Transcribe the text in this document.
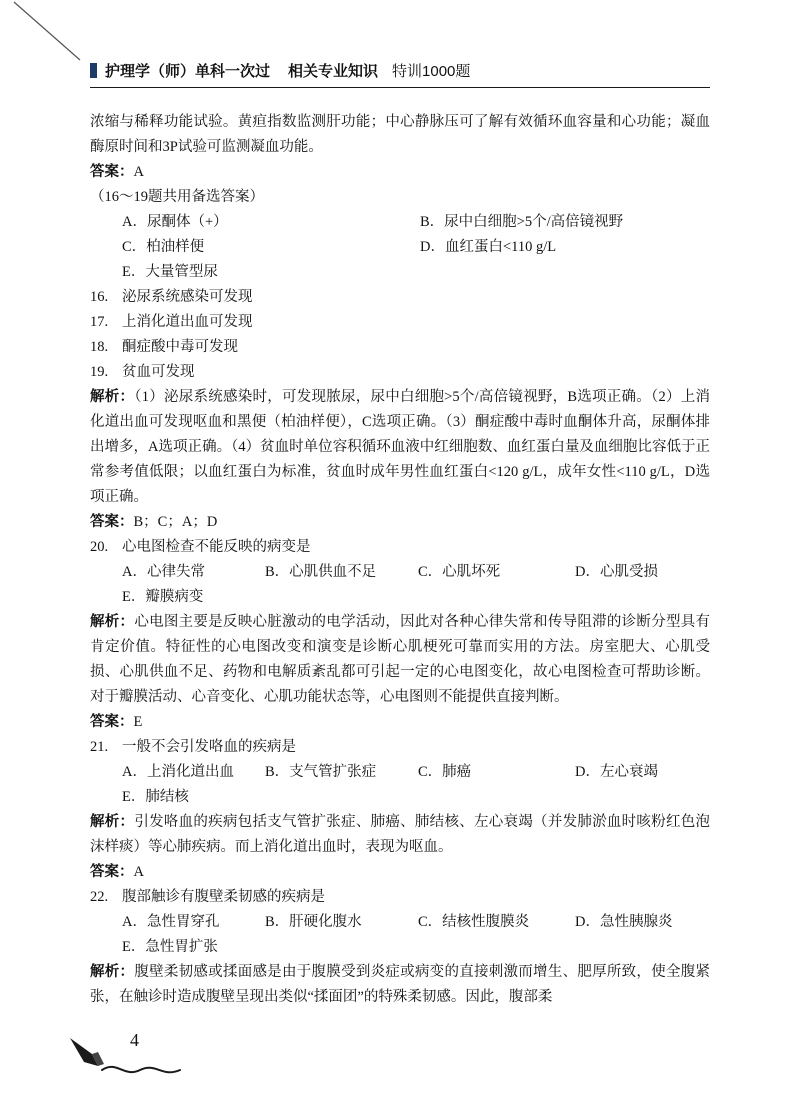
护理学（师）单科一次过 相关专业知识 特训1000题

浓缩与稀释功能试验。黄疸指数监测肝功能；中心静脉压可了解有效循环血容量和心功能；凝血酶原时间和3P试验可监测凝血功能。

答案：A

（16～19题共用备选答案）

A．尿酮体（+）	B．尿中白细胞>5个/高倍镜视野
C．柏油样便	D．血红蛋白<110 g/L
E．大量管型尿

16. 泌尿系统感染可发现

17. 上消化道出血可发现

18. 酮症酸中毒可发现

19. 贫血可发现

解析：（1）泌尿系统感染时，可发现脓尿，尿中白细胞>5个/高倍镜视野，B选项正确。（2）上消化道出血可发现呕血和黑便（柏油样便），C选项正确。（3）酮症酸中毒时血酮体升高，尿酮体排出增多，A选项正确。（4）贫血时单位容积循环血液中红细胞数、血红蛋白量及血细胞比容低于正常参考值低限；以血红蛋白为标准，贫血时成年男性血红蛋白<120 g/L，成年女性<110 g/L，D选项正确。

答案：B；C；A；D

20. 心电图检查不能反映的病变是

A．心律失常	B．心肌供血不足	C．心肌坏死	D．心肌受损
E．瓣膜病变

解析：心电图主要是反映心脏激动的电学活动，因此对各种心律失常和传导阻滞的诊断分型具有肯定价值。特征性的心电图改变和演变是诊断心肌梗死可靠而实用的方法。房室肥大、心肌受损、心肌供血不足、药物和电解质紊乱都可引起一定的心电图变化，故心电图检查可帮助诊断。对于瓣膜活动、心音变化、心肌功能状态等，心电图则不能提供直接判断。

答案：E

21. 一般不会引发咯血的疾病是

A．上消化道出血	B．支气管扩张症	C．肺癌	D．左心衰竭
E．肺结核

解析：引发咯血的疾病包括支气管扩张症、肺癌、肺结核、左心衰竭（并发肺淤血时咳粉红色泡沫样痰）等心肺疾病。而上消化道出血时，表现为呕血。

答案：A

22. 腹部触诊有腹壁柔韧感的疾病是

A．急性胃穿孔	B．肝硬化腹水	C．结核性腹膜炎	D．急性胰腺炎
E．急性胃扩张

解析：腹壁柔韧感或揉面感是由于腹膜受到炎症或病变的直接刺激而增生、肥厚所致，使全腹紧张，在触诊时造成腹壁呈现出类似“揉面团”的特殊柔韧感。因此，腹部柔

4
